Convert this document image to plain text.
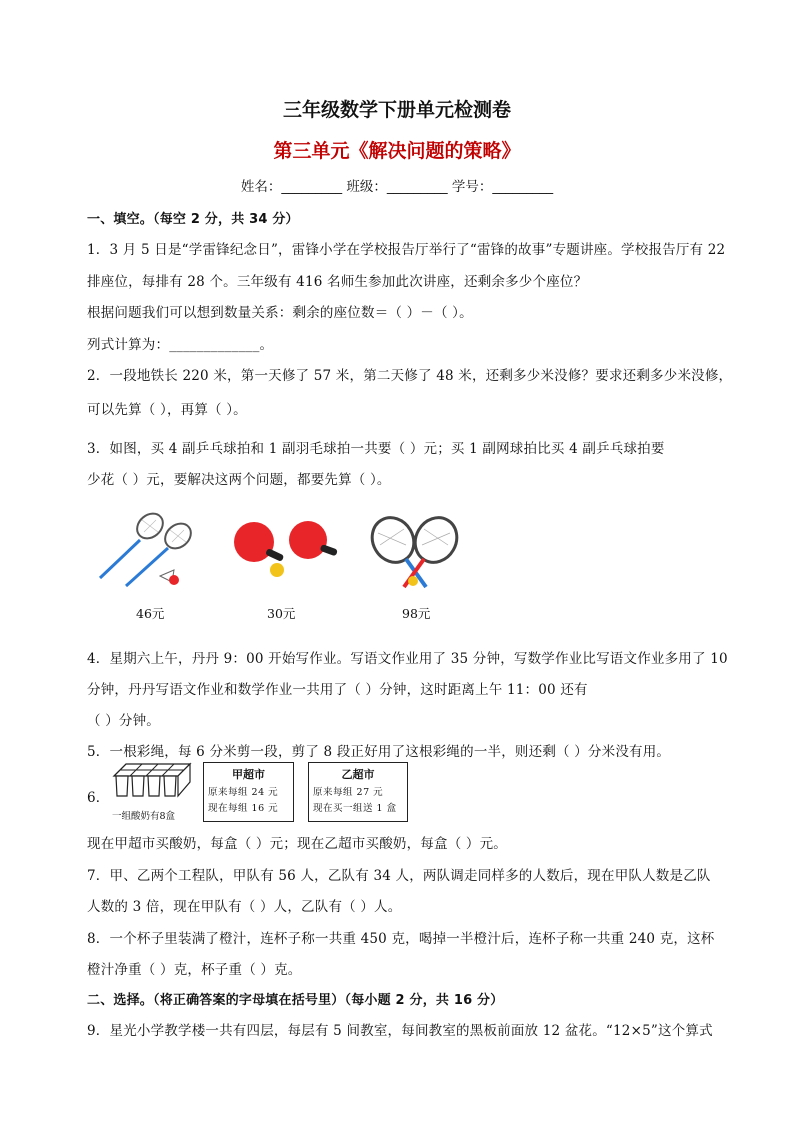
三年级数学下册单元检测卷
第三单元《解决问题的策略》
姓名：_________ 班级：_________ 学号：_________
一、填空。（每空 2 分，共 34 分）
1．3 月 5 日是“学雷锋纪念日”，雷锋小学在学校报告厅举行了“雷锋的故事”专题讲座。学校报告厅有 22
排座位，每排有 28 个。三年级有 416 名师生参加此次讲座，还剩余多少个座位？
根据问题我们可以想到数量关系：剩余的座位数＝（ ）－（ ）。
列式计算为：_____________。
2．一段地铁长 220 米，第一天修了 57 米，第二天修了 48 米，还剩多少米没修？要求还剩多少米没修，
可以先算（ ），再算（ ）。
3．如图，买 4 副乒乓球拍和 1 副羽毛球拍一共要（ ）元；买 1 副网球拍比买 4 副乒乓球拍要
少花（ ）元，要解决这两个问题，都要先算（ ）。
46元	30元	98元
4．星期六上午，丹丹 9：00 开始写作业。写语文作业用了 35 分钟，写数学作业比写语文作业多用了 10
分钟，丹丹写语文作业和数学作业一共用了（ ）分钟，这时距离上午 11：00 还有
（ ）分钟。
5．一根彩绳，每 6 分米剪一段，剪了 8 段正好用了这根彩绳的一半，则还剩（ ）分米没有用。
6．
一组酸奶有8盒
甲超市
原来每组 24 元
现在每组 16 元
乙超市
原来每组 27 元
现在买一组送 1 盒
现在甲超市买酸奶，每盒（ ）元；现在乙超市买酸奶，每盒（ ）元。
7．甲、乙两个工程队，甲队有 56 人，乙队有 34 人，两队调走同样多的人数后，现在甲队人数是乙队
人数的 3 倍，现在甲队有（ ）人，乙队有（ ）人。
8．一个杯子里装满了橙汁，连杯子称一共重 450 克，喝掉一半橙汁后，连杯子称一共重 240 克，这杯
橙汁净重（ ）克，杯子重（ ）克。
二、选择。（将正确答案的字母填在括号里）（每小题 2 分，共 16 分）
9．星光小学教学楼一共有四层，每层有 5 间教室，每间教室的黑板前面放 12 盆花。“12×5”这个算式
